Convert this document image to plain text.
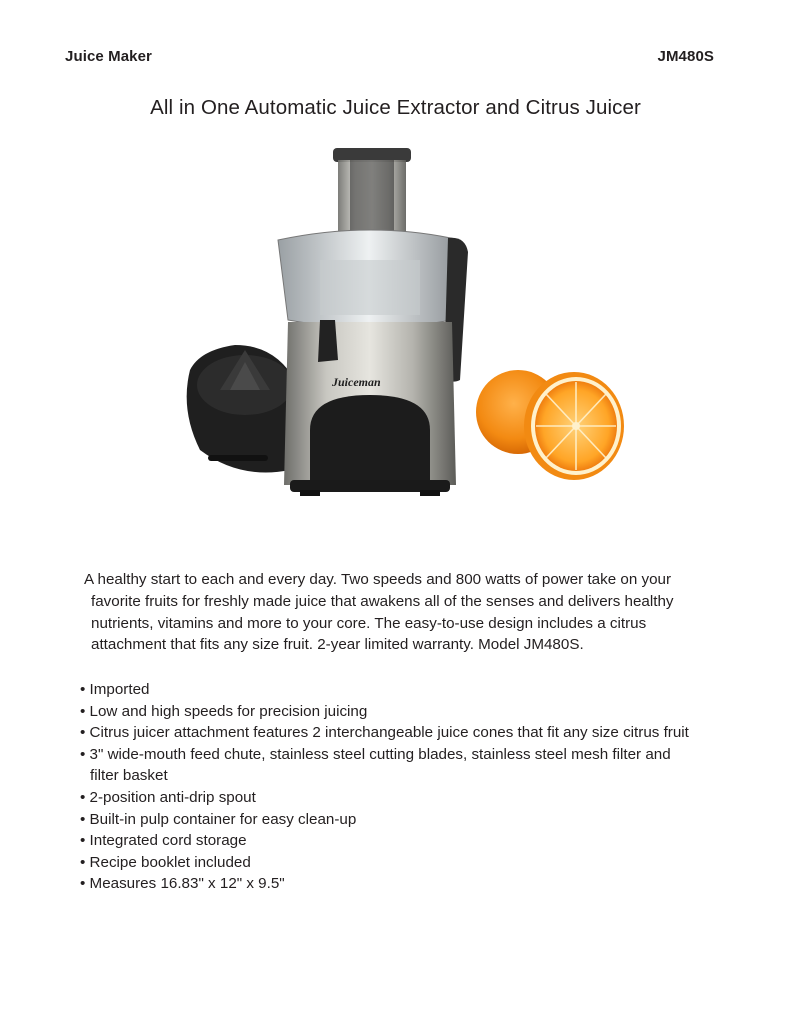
Juice Maker	JM480S
All in One Automatic Juice Extractor and Citrus Juicer
Juiceman
A healthy start to each and every day. Two speeds and 800 watts of power take on your
favorite fruits for freshly made juice that awakens all of the senses and delivers healthy
nutrients, vitamins and more to your core. The easy-to-use design includes a citrus
attachment that fits any size fruit. 2-year limited warranty. Model JM480S.
• Imported
• Low and high speeds for precision juicing
• Citrus juicer attachment features 2 interchangeable juice cones that fit any size citrus fruit
• 3" wide-mouth feed chute, stainless steel cutting blades, stainless steel mesh filter and
filter basket
• 2-position anti-drip spout
• Built-in pulp container for easy clean-up
• Integrated cord storage
• Recipe booklet included
• Measures 16.83" x 12" x 9.5"
